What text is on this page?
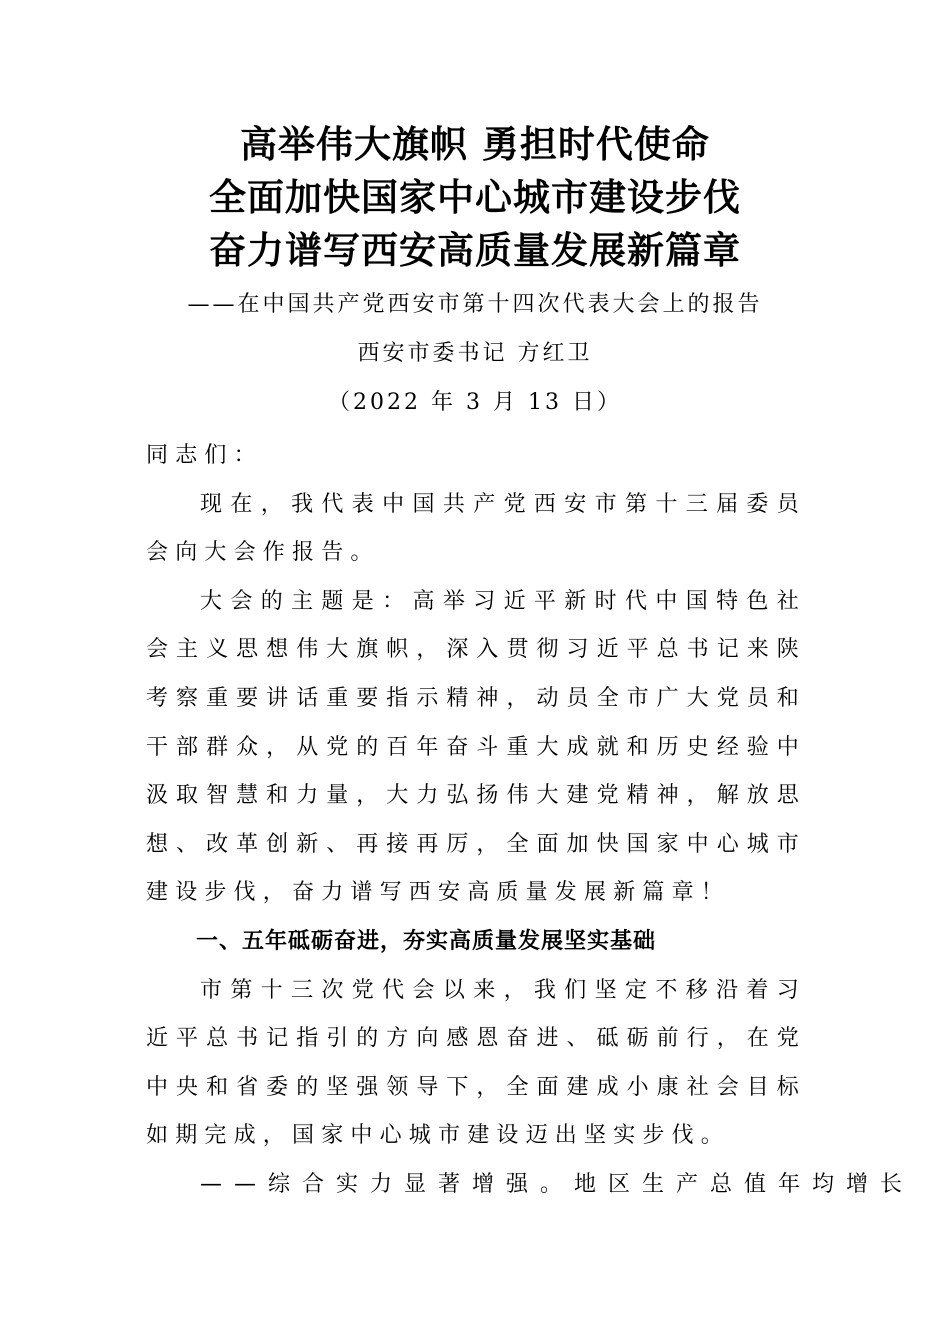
高举伟大旗帜 勇担时代使命
全面加快国家中心城市建设步伐
奋力谱写西安高质量发展新篇章
——在中国共产党西安市第十四次代表大会上的报告
西安市委书记 方红卫
（2022 年 3 月 13 日）

同志们：

现在，我代表中国共产党西安市第十三届委员会向大会作报告。

大会的主题是：高举习近平新时代中国特色社会主义思想伟大旗帜，深入贯彻习近平总书记来陕考察重要讲话重要指示精神，动员全市广大党员和干部群众，从党的百年奋斗重大成就和历史经验中汲取智慧和力量，大力弘扬伟大建党精神，解放思想、改革创新、再接再厉，全面加快国家中心城市建设步伐，奋力谱写西安高质量发展新篇章！

一、五年砥砺奋进，夯实高质量发展坚实基础

市第十三次党代会以来，我们坚定不移沿着习近平总书记指引的方向感恩奋进、砥砺前行，在党中央和省委的坚强领导下，全面建成小康社会目标如期完成，国家中心城市建设迈出坚实步伐。

——综合实力显著增强。地区生产总值年均增长
